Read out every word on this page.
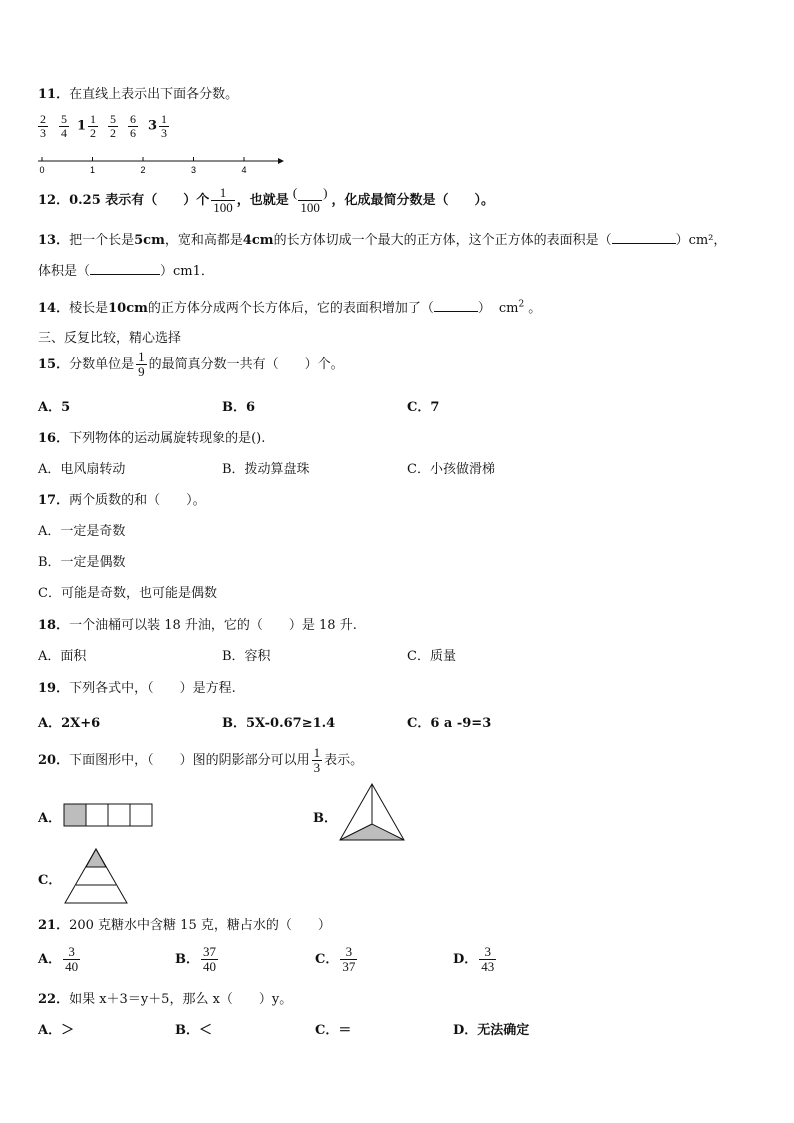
11．在直线上表示出下面各分数。
$\frac{2}{3} \frac{5}{4} 1 \frac{1}{2} \frac{5}{2} \frac{6}{6} 3 \frac{1}{3}$
0	1	2	3	4
12．0.25 表示有（　　）个 $\frac{1}{100}$ ，也就是 $\frac{( )}{100}$ ，化成最简分数是（　　）。
13．把一个长是5cm，宽和高都是4cm的长方体切成一个最大的正方体，这个正方体的表面积是（	）cm²，
体积是（	）cm1．
14．棱长是10cm的正方体分成两个长方体后，它的表面积增加了（	） $cm^2$ 。
三、反复比较，精心选择
15．分数单位是 $\frac{1}{9}$ 的最简真分数一共有（　　）个。
A．5	B．6	C．7
16．下列物体的运动属旋转现象的是().
A．电风扇转动	B．拨动算盘珠	C．小孩做滑梯
17．两个质数的和（　　）。
A．一定是奇数
B．一定是偶数
C．可能是奇数，也可能是偶数
18．一个油桶可以装 18 升油，它的（　　）是 18 升.
A．面积	B．容积	C．质量
19．下列各式中，（　　）是方程.
A．2X+6	B．5X-0.67≥1.4	C．6 a -9=3
20．下面图形中，（　　）图的阴影部分可以用 $\frac{1}{3}$ 表示。
A．	B．
C．
21．200 克糖水中含糖 15 克，糖占水的（　　）
A． $\frac{3}{40}$	B． $\frac{37}{40}$	C． $\frac{3}{37}$	D． $\frac{3}{43}$
22．如果 x＋3＝y＋5，那么 x（　　）y。
A．＞	B．＜	C．＝	D．无法确定
